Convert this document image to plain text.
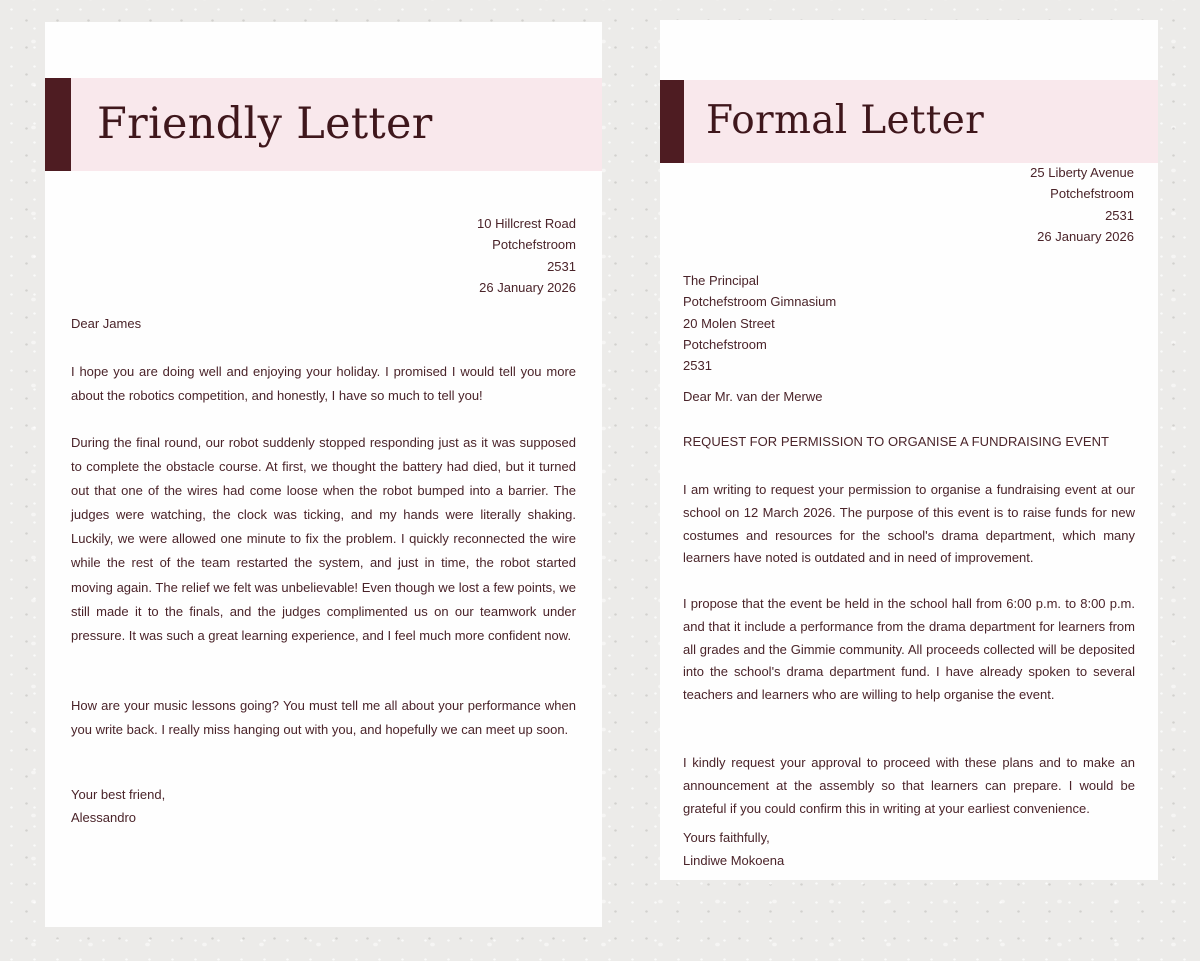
Friendly Letter
10 Hillcrest Road
Potchefstroom
2531
26 January 2026
Dear James

I hope you are doing well and enjoying your holiday. I promised I would tell you more about the robotics competition, and honestly, I have so much to tell you!

During the final round, our robot suddenly stopped responding just as it was supposed to complete the obstacle course. At first, we thought the battery had died, but it turned out that one of the wires had come loose when the robot bumped into a barrier. The judges were watching, the clock was ticking, and my hands were literally shaking. Luckily, we were allowed one minute to fix the problem. I quickly reconnected the wire while the rest of the team restarted the system, and just in time, the robot started moving again. The relief we felt was unbelievable! Even though we lost a few points, we still made it to the finals, and the judges complimented us on our teamwork under pressure. It was such a great learning experience, and I feel much more confident now.

How are your music lessons going? You must tell me all about your performance when you write back. I really miss hanging out with you, and hopefully we can meet up soon.

Your best friend,
Alessandro
Formal Letter
25 Liberty Avenue
Potchefstroom
2531
26 January 2026
The Principal
Potchefstroom Gimnasium
20 Molen Street
Potchefstroom
2531
Dear Mr. van der Merwe
REQUEST FOR PERMISSION TO ORGANISE A FUNDRAISING EVENT

I am writing to request your permission to organise a fundraising event at our school on 12 March 2026. The purpose of this event is to raise funds for new costumes and resources for the school's drama department, which many learners have noted is outdated and in need of improvement.

I propose that the event be held in the school hall from 6:00 p.m. to 8:00 p.m. and that it include a performance from the drama department for learners from all grades and the Gimmie community. All proceeds collected will be deposited into the school's drama department fund. I have already spoken to several teachers and learners who are willing to help organise the event.

I kindly request your approval to proceed with these plans and to make an announcement at the assembly so that learners can prepare. I would be grateful if you could confirm this in writing at your earliest convenience.

Yours faithfully,
Lindiwe Mokoena
